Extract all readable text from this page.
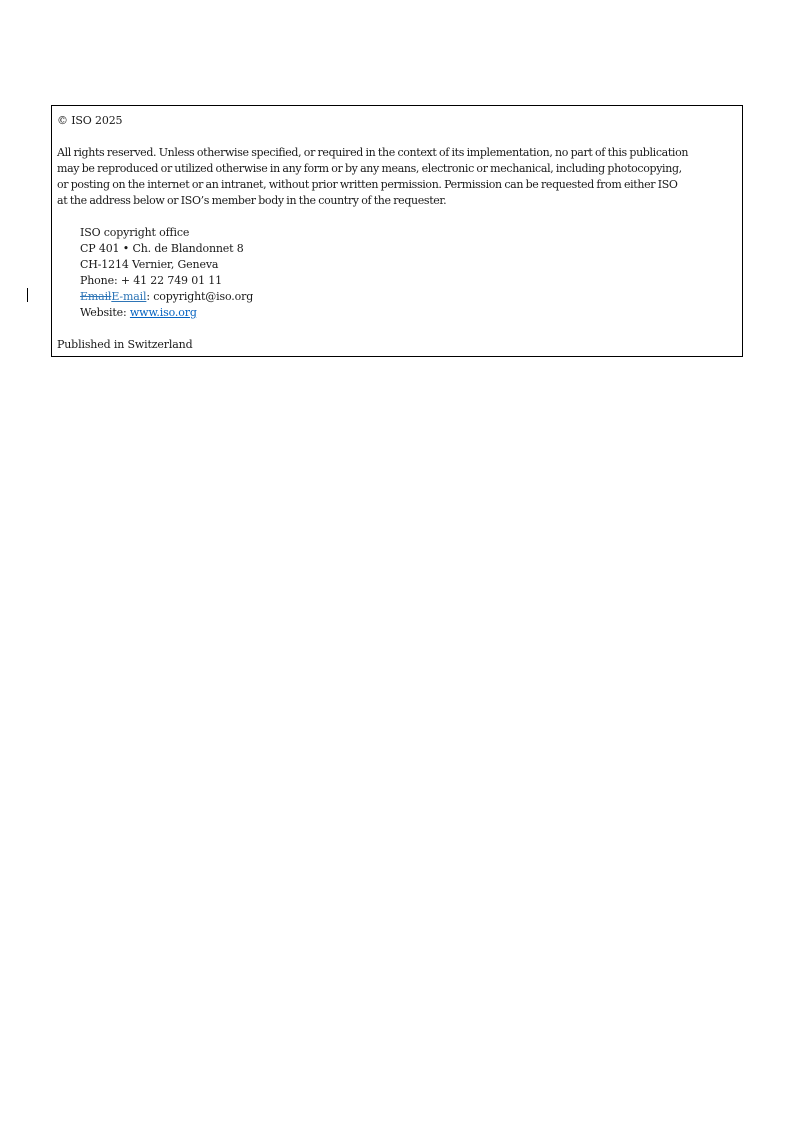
© ISO 2025

All rights reserved. Unless otherwise specified, or required in the context of its implementation, no part of this publication

may be reproduced or utilized otherwise in any form or by any means, electronic or mechanical, including photocopying,

or posting on the internet or an intranet, without prior written permission. Permission can be requested from either ISO

at the address below or ISO’s member body in the country of the requester.

ISO copyright office

CP 401 • Ch. de Blandonnet 8

CH-1214 Vernier, Geneva

Phone: + 41 22 749 01 11

EmailE-mail: copyright@iso.org

Website: www.iso.org

Published in Switzerland
